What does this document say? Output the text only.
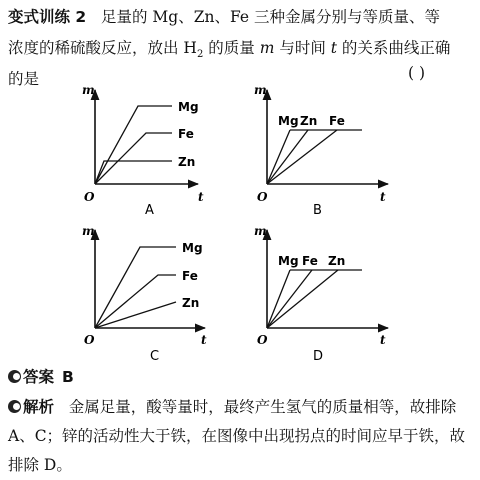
变式训练 2 足量的 Mg、Zn、Fe 三种金属分别与等质量、等
浓度的稀硫酸反应，放出 $H_2$ 的质量 m 与时间 t 的关系曲线正确
的是	( )
m
t
O
Mg
Fe
Zn
A
m
t
O
Mg Zn Fe
B
m
t
O
Mg
Fe
Zn
C
m
t
O
Mg Fe Zn
D
答案 B
解析 金属足量，酸等量时，最终产生氢气的质量相等，故排除 A、C；锌的活动性大于铁，在图像中出现拐点的时间应早于铁，故排除 D。
